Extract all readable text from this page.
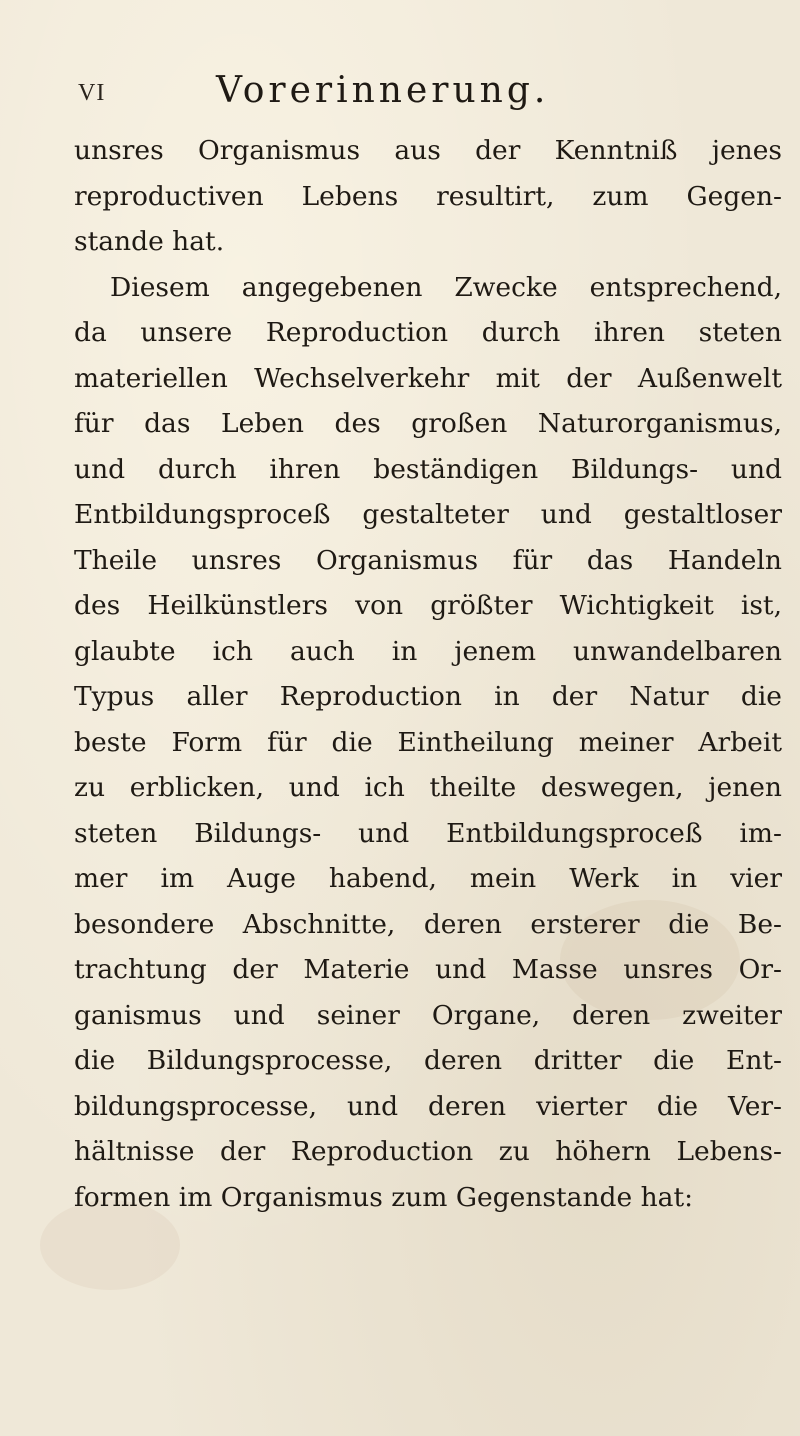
VI	Vorerinnerung.
unsres Organismus aus der Kenntniß jenes
reproductiven Lebens resultirt, zum Gegen-
stande hat.
Diesem angegebenen Zwecke entsprechend,
da unsere Reproduction durch ihren steten
materiellen Wechselverkehr mit der Außenwelt
für das Leben des großen Naturorganismus,
und durch ihren beständigen Bildungs- und
Entbildungsproceß gestalteter und gestaltloser
Theile unsres Organismus für das Handeln
des Heilkünstlers von größter Wichtigkeit ist,
glaubte ich auch in jenem unwandelbaren
Typus aller Reproduction in der Natur die
beste Form für die Eintheilung meiner Arbeit
zu erblicken, und ich theilte deswegen, jenen
steten Bildungs- und Entbildungsproceß im-
mer im Auge habend, mein Werk in vier
besondere Abschnitte, deren ersterer die Be-
trachtung der Materie und Masse unsres Or-
ganismus und seiner Organe, deren zweiter
die Bildungsprocesse, deren dritter die Ent-
bildungsprocesse, und deren vierter die Ver-
hältnisse der Reproduction zu höhern Lebens-
formen im Organismus zum Gegenstande hat:
